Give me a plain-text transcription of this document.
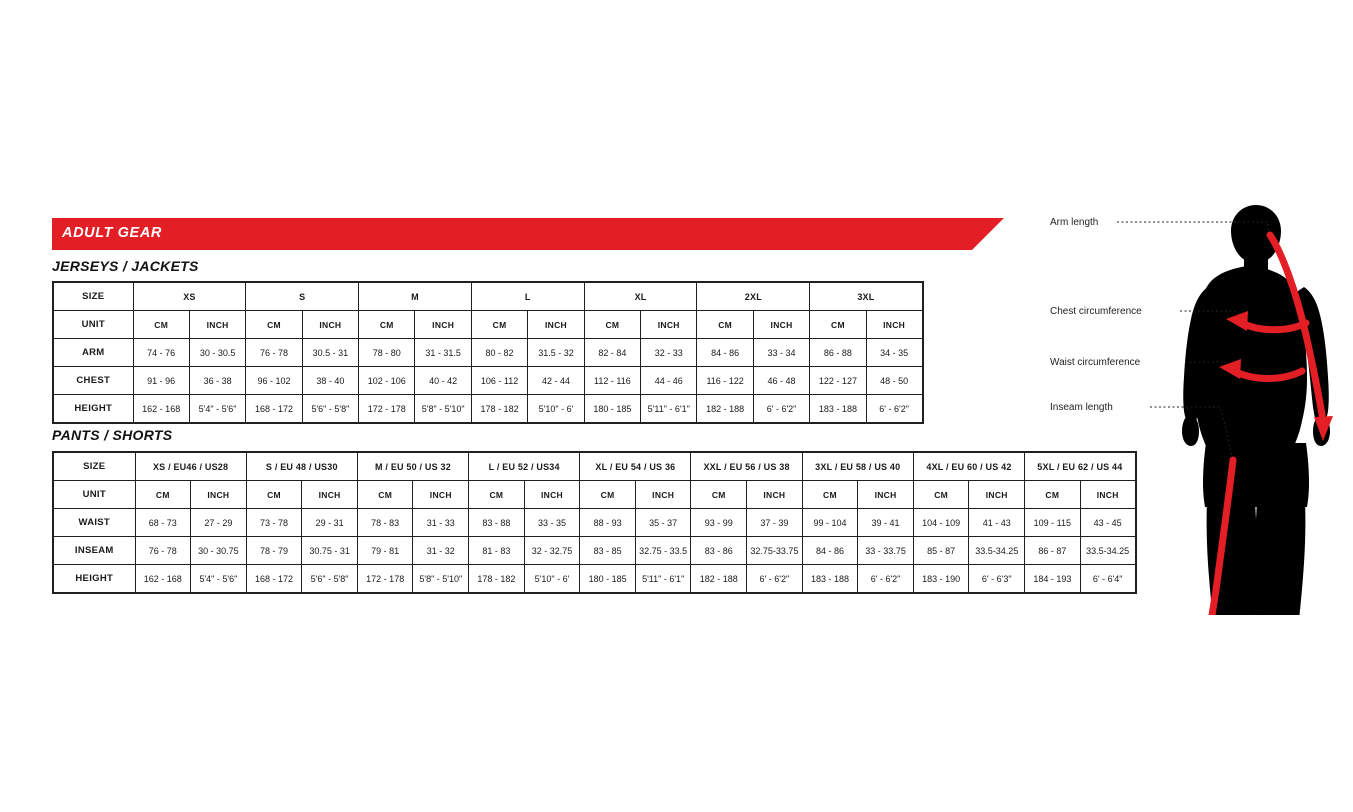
ADULT GEAR
JERSEYS / JACKETS
SIZE	XS		S		M		L		XL		2XL		3XL	
UNIT	CM	INCH	CM	INCH	CM	INCH	CM	INCH	CM	INCH	CM	INCH	CM	INCH
ARM	74 - 76	30 - 30.5	76 - 78	30.5 - 31	78 - 80	31 - 31.5	80 - 82	31.5 - 32	82 - 84	32 - 33	84 - 86	33 - 34	86 - 88	34 - 35
CHEST	91 - 96	36 - 38	96 - 102	38 - 40	102 - 106	40 - 42	106 - 112	42 - 44	112 - 116	44 - 46	116 - 122	46 - 48	122 - 127	48 - 50
HEIGHT	162 - 168	5'4" - 5'6"	168 - 172	5'6" - 5'8"	172 - 178	5'8" - 5'10"	178 - 182	5'10" - 6'	180 - 185	5'11" - 6'1"	182 - 188	6' - 6'2"	183 - 188	6' - 6'2"
PANTS / SHORTS
SIZE	XS / EU46 / US28		S / EU 48 / US30		M / EU 50 / US 32		L / EU 52 / US34		XL / EU 54 / US 36		XXL / EU 56 / US 38		3XL / EU 58 / US 40		4XL / EU 60 / US 42		5XL / EU 62 / US 44	
UNIT	CM	INCH	CM	INCH	CM	INCH	CM	INCH	CM	INCH	CM	INCH	CM	INCH	CM	INCH	CM	INCH
WAIST	68 - 73	27 - 29	73 - 78	29 - 31	78 - 83	31 - 33	83 - 88	33 - 35	88 - 93	35 - 37	93 - 99	37 - 39	99 - 104	39 - 41	104 - 109	41 - 43	109 - 115	43 - 45
INSEAM	76 - 78	30 - 30.75	78 - 79	30.75 - 31	79 - 81	31 - 32	81 - 83	32 - 32.75	83 - 85	32.75 - 33.5	83 - 86	32.75-33.75	84 - 86	33 - 33.75	85 - 87	33.5-34.25	86 - 87	33.5-34.25
HEIGHT	162 - 168	5'4" - 5'6"	168 - 172	5'6" - 5'8"	172 - 178	5'8" - 5'10"	178 - 182	5'10" - 6'	180 - 185	5'11" - 6'1"	182 - 188	6' - 6'2"	183 - 188	6' - 6'2"	183 - 190	6' - 6'3"	184 - 193	6' - 6'4"
Arm length
Chest circumference
Waist circumference
Inseam length
